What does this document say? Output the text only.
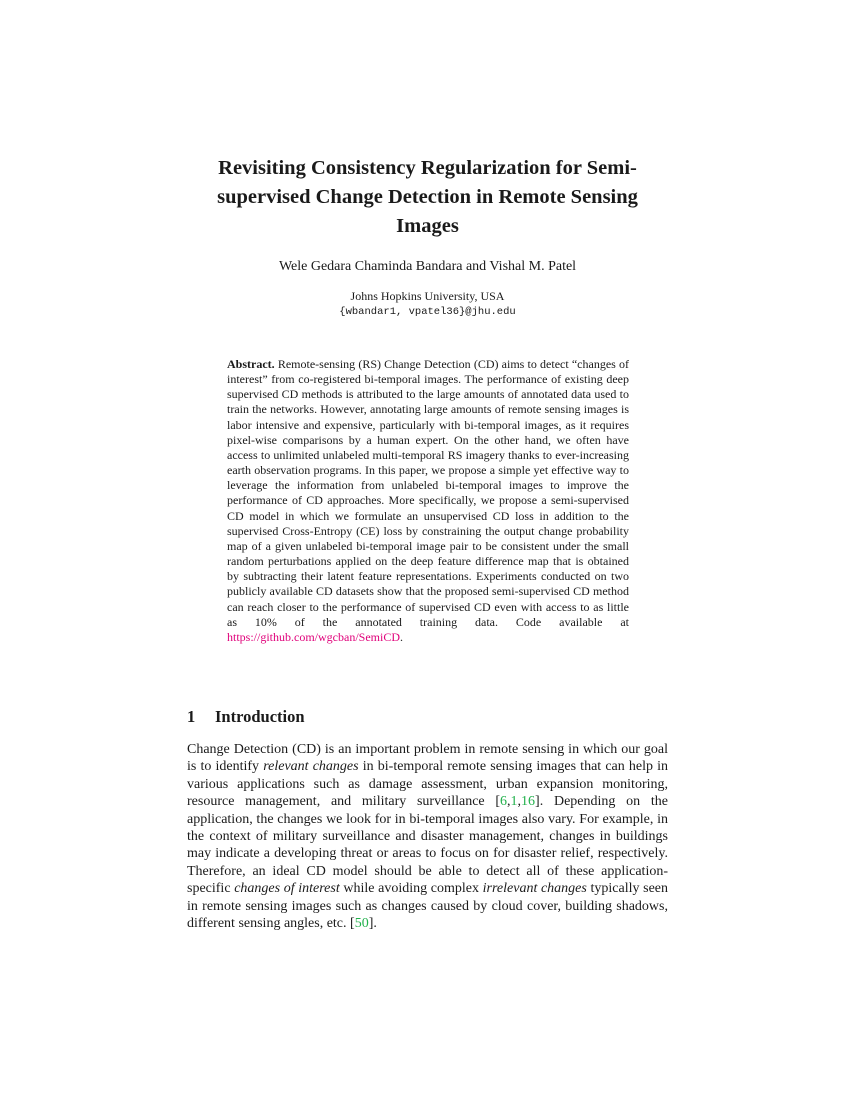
Revisiting Consistency Regularization for Semi-supervised Change Detection in Remote Sensing Images
Wele Gedara Chaminda Bandara and Vishal M. Patel
Johns Hopkins University, USA
{wbandar1, vpatel36}@jhu.edu

Abstract. Remote-sensing (RS) Change Detection (CD) aims to detect “changes of interest” from co-registered bi-temporal images. The performance of existing deep supervised CD methods is attributed to the large amounts of annotated data used to train the networks. However, annotating large amounts of remote sensing images is labor intensive and expensive, particularly with bi-temporal images, as it requires pixel-wise comparisons by a human expert. On the other hand, we often have access to unlimited unlabeled multi-temporal RS imagery thanks to ever-increasing earth observation programs. In this paper, we propose a simple yet effective way to leverage the information from unlabeled bi-temporal images to improve the performance of CD approaches. More specifically, we propose a semi-supervised CD model in which we formulate an unsupervised CD loss in addition to the supervised Cross-Entropy (CE) loss by constraining the output change probability map of a given unlabeled bi-temporal image pair to be consistent under the small random perturbations applied on the deep feature difference map that is obtained by subtracting their latent feature representations. Experiments conducted on two publicly available CD datasets show that the proposed semi-supervised CD method can reach closer to the performance of supervised CD even with access to as little as 10% of the annotated training data. Code available at https://github.com/wgcban/SemiCD.

1 Introduction

Change Detection (CD) is an important problem in remote sensing in which our goal is to identify relevant changes in bi-temporal remote sensing images that can help in various applications such as damage assessment, urban expansion monitoring, resource management, and military surveillance [6,1,16]. Depending on the application, the changes we look for in bi-temporal images also vary. For example, in the context of military surveillance and disaster management, changes in buildings may indicate a developing threat or areas to focus on for disaster relief, respectively. Therefore, an ideal CD model should be able to detect all of these application-specific changes of interest while avoiding complex irrelevant changes typically seen in remote sensing images such as changes caused by cloud cover, building shadows, different sensing angles, etc. [50].
